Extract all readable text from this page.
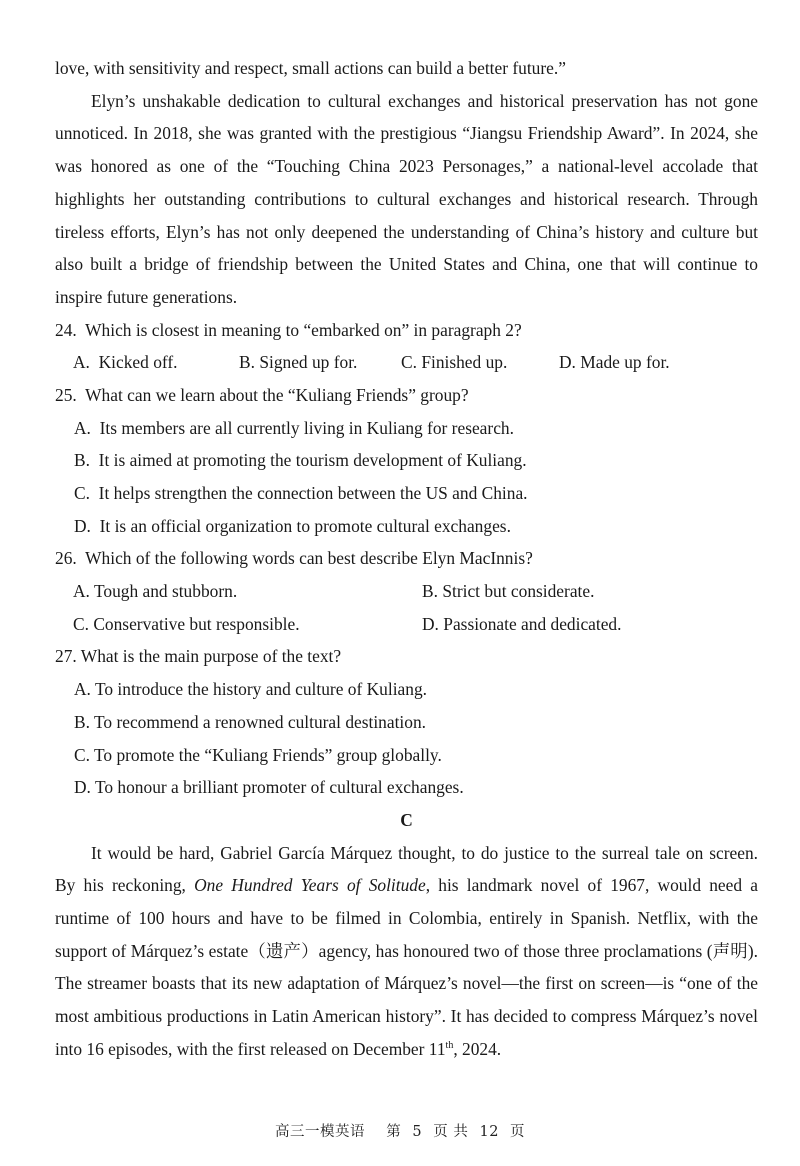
love, with sensitivity and respect, small actions can build a better future.”

Elyn’s unshakable dedication to cultural exchanges and historical preservation has not gone unnoticed. In 2018, she was granted with the prestigious “Jiangsu Friendship Award”. In 2024, she was honored as one of the “Touching China 2023 Personages,” a national-level accolade that highlights her outstanding contributions to cultural exchanges and historical research. Through tireless efforts, Elyn’s has not only deepened the understanding of China’s history and culture but also built a bridge of friendship between the United States and China, one that will continue to inspire future generations.

24. Which is closest in meaning to “embarked on” in paragraph 2?
A. Kicked off.	B. Signed up for.	C. Finished up.	D. Made up for.
25. What can we learn about the “Kuliang Friends” group?
A. Its members are all currently living in Kuliang for research.
B. It is aimed at promoting the tourism development of Kuliang.
C. It helps strengthen the connection between the US and China.
D. It is an official organization to promote cultural exchanges.
26. Which of the following words can best describe Elyn MacInnis?
A. Tough and stubborn.	B. Strict but considerate.
C. Conservative but responsible.	D. Passionate and dedicated.
27. What is the main purpose of the text?
A. To introduce the history and culture of Kuliang.
B. To recommend a renowned cultural destination.
C. To promote the “Kuliang Friends” group globally.
D. To honour a brilliant promoter of cultural exchanges.
C

It would be hard, Gabriel García Márquez thought, to do justice to the surreal tale on screen. By his reckoning, One Hundred Years of Solitude, his landmark novel of 1967, would need a runtime of 100 hours and have to be filmed in Colombia, entirely in Spanish. Netflix, with the support of Márquez’s estate（遗产）agency, has honoured two of those three proclamations (声明). The streamer boasts that its new adaptation of Márquez’s novel—the first on screen—is “one of the most ambitious productions in Latin American history”. It has decided to compress Márquez’s novel into 16 episodes, with the first released on December 11th, 2024.

高三一模英语 第 5 页 共 12 页
